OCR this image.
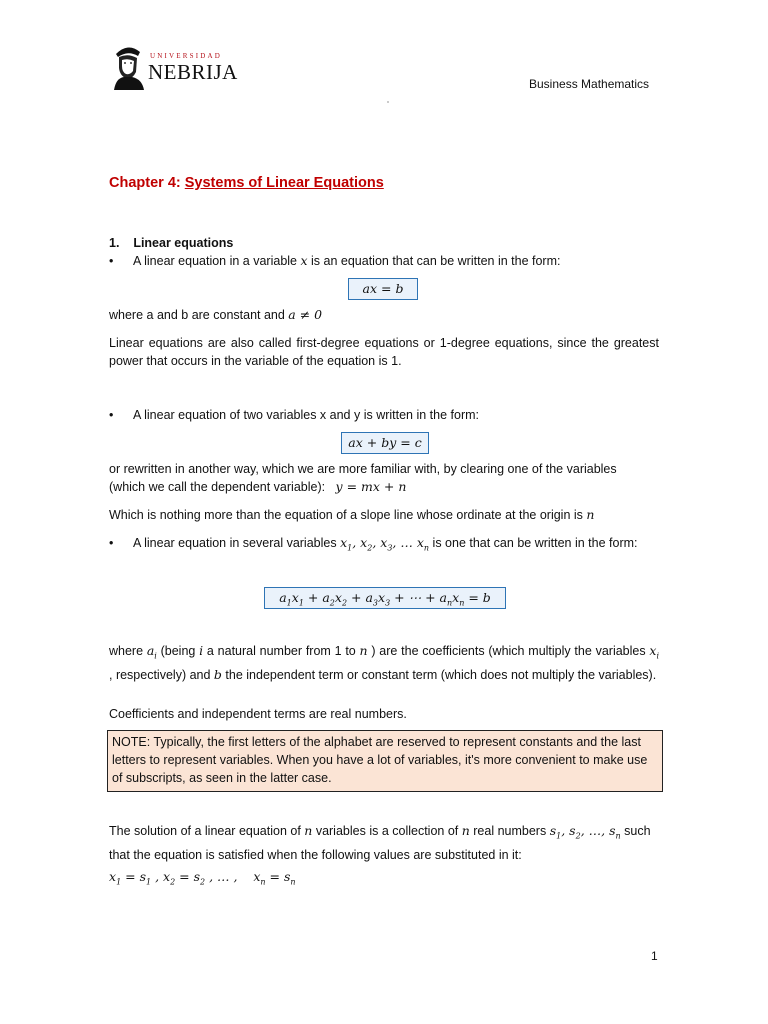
UNIVERSIDAD
NEBRIJA	Business Mathematics
Chapter 4: Systems of Linear Equations
1.    Linear equations
• A linear equation in a variable x is an equation that can be written in the form:
ax = b
where a and b are constant and a ≠ 0
Linear equations are also called first-degree equations or 1-degree equations, since the greatest power that occurs in the variable of the equation is 1.
• A linear equation of two variables x and y is written in the form:
ax + by = c
or rewritten in another way, which we are more familiar with, by clearing one of the variables
(which we call the dependent variable): y = mx + n
Which is nothing more than the equation of a slope line whose ordinate at the origin is n
• A linear equation in several variables $x_1$, $x_2$, $x_3$, … $x_n$ is one that can be written in the form:
$a_1x_1 + a_2x_2 + a_3x_3$ + ⋯ + $a_nx_n = b$
where $a_i$ (being i a natural number from 1 to n ) are the coefficients (which multiply the variables $x_i$ , respectively) and b the independent term or constant term (which does not multiply the variables).
Coefficients and independent terms are real numbers.
NOTE: Typically, the first letters of the alphabet are reserved to represent constants and the last letters to represent variables. When you have a lot of variables, it's more convenient to make use of subscripts, as seen in the latter case.
The solution of a linear equation of n variables is a collection of n real numbers $s_1$, $s_2$, …, $s_n$ such
that the equation is satisfied when the following values are substituted in it:
$x_1 = s_1$ , $x_2 = s_2$ , … ,    $x_n = s_n$
1
